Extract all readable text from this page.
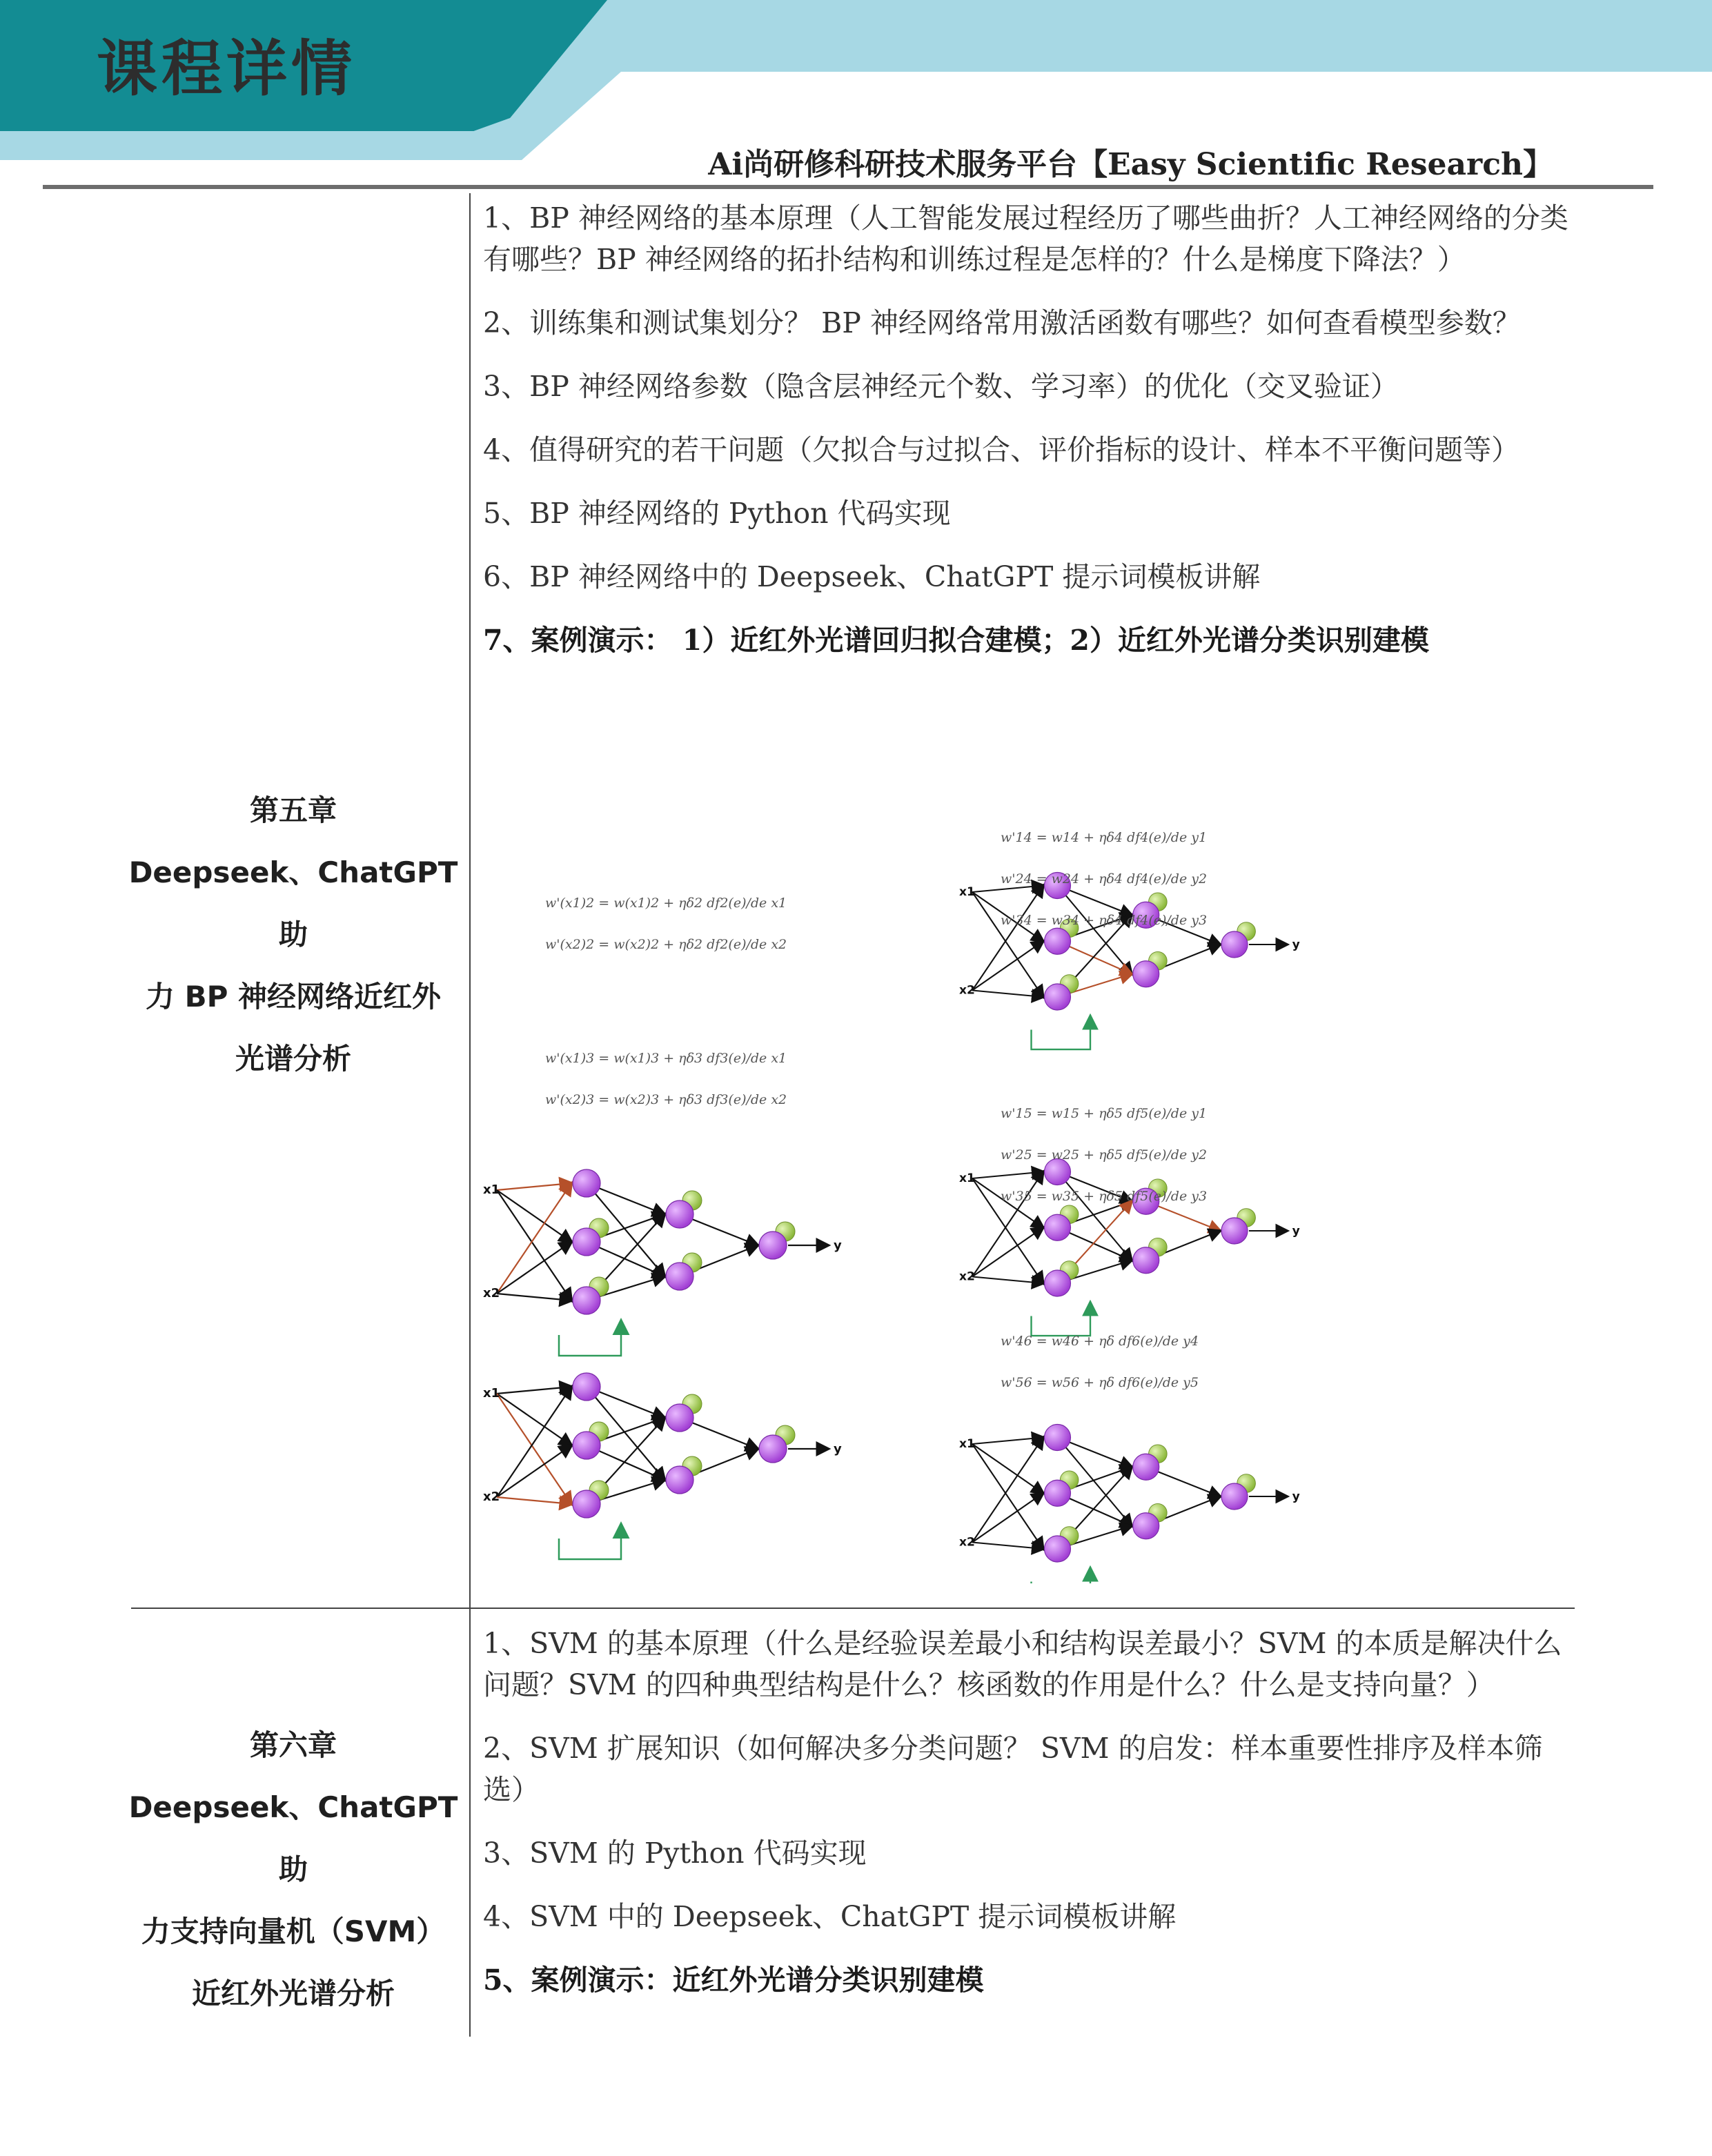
课程详情
Ai尚研修科研技术服务平台【Easy Scientific Research】
第五章
Deepseek、ChatGPT 助
力 BP 神经网络近红外
光谱分析
1、BP 神经网络的基本原理（人工智能发展过程经历了哪些曲折？人工神经网络的分类有哪些？BP 神经网络的拓扑结构和训练过程是怎样的？什么是梯度下降法？）
2、训练集和测试集划分？ BP 神经网络常用激活函数有哪些？如何查看模型参数？
3、BP 神经网络参数（隐含层神经元个数、学习率）的优化（交叉验证）
4、值得研究的若干问题（欠拟合与过拟合、评价指标的设计、样本不平衡问题等）
5、BP 神经网络的 Python 代码实现
6、BP 神经网络中的 Deepseek、ChatGPT 提示词模板讲解
7、案例演示： 1）近红外光谱回归拟合建模；2）近红外光谱分类识别建模
x1
x2
y
x1
x2
y
x1
x2
y
x1
x2
y
x1
x2
y
w'(x1)2 = w(x1)2 + ηδ2 df2(e)/de x1
w'(x2)2 = w(x2)2 + ηδ2 df2(e)/de x2
w'(x1)3 = w(x1)3 + ηδ3 df3(e)/de x1
w'(x2)3 = w(x2)3 + ηδ3 df3(e)/de x2
w'14 = w14 + ηδ4 df4(e)/de y1
w'24 = w24 + ηδ4 df4(e)/de y2
w'34 = w34 + ηδ4 df4(e)/de y3
w'15 = w15 + ηδ5 df5(e)/de y1
w'25 = w25 + ηδ5 df5(e)/de y2
w'35 = w35 + ηδ5 df5(e)/de y3
w'46 = w46 + ηδ df6(e)/de y4
w'56 = w56 + ηδ df6(e)/de y5
第六章
Deepseek、ChatGPT 助
力支持向量机（SVM）
近红外光谱分析
1、SVM 的基本原理（什么是经验误差最小和结构误差最小？SVM 的本质是解决什么问题？SVM 的四种典型结构是什么？核函数的作用是什么？什么是支持向量？）
2、SVM 扩展知识（如何解决多分类问题？ SVM 的启发：样本重要性排序及样本筛选）
3、SVM 的 Python 代码实现
4、SVM 中的 Deepseek、ChatGPT 提示词模板讲解
5、案例演示：近红外光谱分类识别建模
